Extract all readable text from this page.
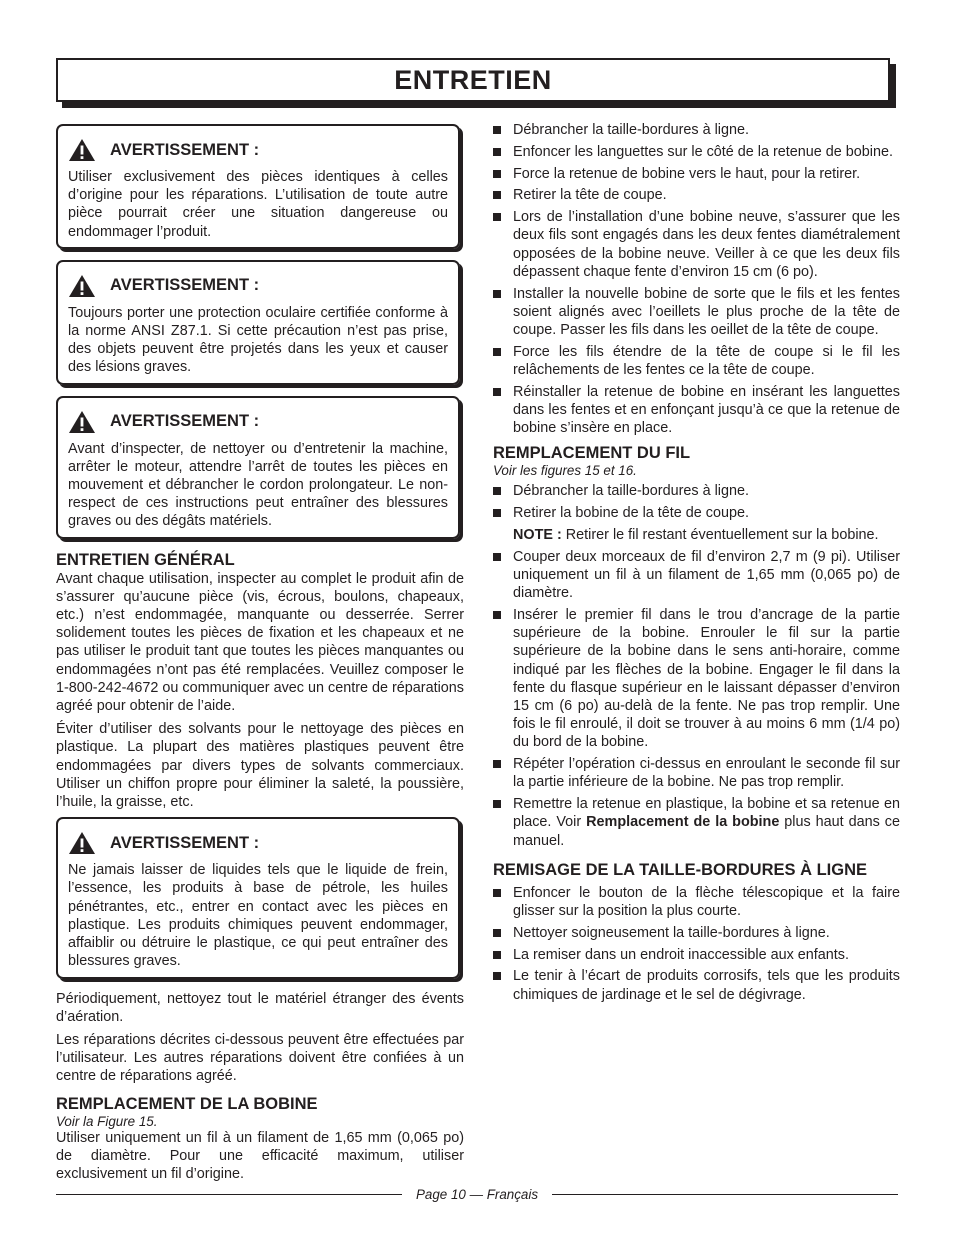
ENTRETIEN
AVERTISSEMENT :

Utiliser exclusivement des pièces identiques à celles d’origine pour les réparations. L’utilisation de toute autre pièce pourrait créer une situation dangereuse ou endommager l’produit.

AVERTISSEMENT :

Toujours porter une protection oculaire certifiée conforme à la norme ANSI Z87.1. Si cette précaution n’est pas prise, des objets peuvent être projetés dans les yeux et causer des lésions graves.

AVERTISSEMENT :

Avant d’inspecter, de nettoyer ou d’entretenir la machine, arrêter le moteur, attendre l’arrêt de toutes les pièces en mouvement et débrancher le cordon prolongateur. Le non-respect de ces instructions peut entraîner des blessures graves ou des dégâts matériels.

ENTRETIEN GÉNÉRAL

Avant chaque utilisation, inspecter au complet le produit afin de s’assurer qu’aucune pièce (vis, écrous, boulons, chapeaux, etc.) n’est endommagée, manquante ou desserrée. Serrer solidement toutes les pièces de fixation et les chapeaux et ne pas utiliser le produit tant que toutes les pièces manquantes ou endommagées n’ont pas été remplacées. Veuillez composer le 1-800-242-4672 ou communiquer avec un centre de réparations agréé pour obtenir de l’aide.

Éviter d’utiliser des solvants pour le nettoyage des pièces en plastique. La plupart des matières plastiques peuvent être endommagées par divers types de solvants commerciaux. Utiliser un chiffon propre pour éliminer la saleté, la poussière, l’huile, la graisse, etc.

AVERTISSEMENT :

Ne jamais laisser de liquides tels que le liquide de frein, l’essence, les produits à base de pétrole, les huiles pénétrantes, etc., entrer en contact avec les pièces en plastique. Les produits chimiques peuvent endommager, affaiblir ou détruire le plastique, ce qui peut entraîner des blessures graves.

Périodiquement, nettoyez tout le matériel étranger des évents d’aération.

Les réparations décrites ci-dessous peuvent être effectuées par l’utilisateur. Les autres réparations doivent être confiées à un centre de réparations agréé.

REMPLACEMENT DE LA BOBINE

Voir la Figure 15.

Utiliser uniquement un fil à un filament de 1,65 mm (0,065 po) de diamètre. Pour une efficacité maximum, utiliser exclusivement un fil d’origine.

Débrancher la taille-bordures à ligne.
Enfoncer les languettes sur le côté de la retenue de bobine.
Force la retenue de bobine vers le haut, pour la retirer.
Retirer la tête de coupe.
Lors de l’installation d’une bobine neuve, s’assurer que les deux fils sont engagés dans les deux fentes diamétralement opposées de la bobine neuve. Veiller à ce que les deux fils dépassent chaque fente d’environ 15 cm (6 po).
Installer la nouvelle bobine de sorte que le fils et les fentes soient alignés avec l’oeillets le plus proche de la tête de coupe. Passer les fils dans les oeillet de la tête de coupe.
Force les fils étendre de la tête de coupe si le fil les relâchements de les fentes ce la tête de coupe.
Réinstaller la retenue de bobine en insérant les languettes dans les fentes et en enfonçant jusqu’à ce que la retenue de bobine s’insère en place.
REMPLACEMENT DU FIL

Voir les figures 15 et 16.

Débrancher la taille-bordures à ligne.
Retirer la bobine de la tête de coupe.
NOTE : Retirer le fil restant éventuellement sur la bobine.
Couper deux morceaux de fil d’environ 2,7 m (9 pi). Utiliser uniquement un fil à un filament de 1,65 mm (0,065 po) de diamètre.
Insérer le premier fil dans le trou d’ancrage de la partie supérieure de la bobine. Enrouler le fil sur la partie supérieure de la bobine dans le sens anti-horaire, comme indiqué par les flèches de la bobine. Engager le fil dans la fente du flasque supérieur en le laissant dépasser d’environ 15 cm (6 po) au-delà de la fente. Ne pas trop remplir. Une fois le fil enroulé, il doit se trouver à au moins 6 mm (1/4 po) du bord de la bobine.
Répéter l’opération ci-dessus en enroulant le seconde fil sur la partie inférieure de la bobine. Ne pas trop remplir.
Remettre la retenue en plastique, la bobine et sa retenue en place. Voir Remplacement de la bobine plus haut dans ce manuel.
REMISAGE DE LA TAILLE-BORDURES À LIGNE
Enfoncer le bouton de la flèche télescopique et la faire glisser sur la position la plus courte.
Nettoyer soigneusement la taille-bordures à ligne.
La remiser dans un endroit inaccessible aux enfants.
Le tenir à l’écart de produits corrosifs, tels que les produits chimiques de jardinage et le sel de dégivrage.
Page 10 — Français
